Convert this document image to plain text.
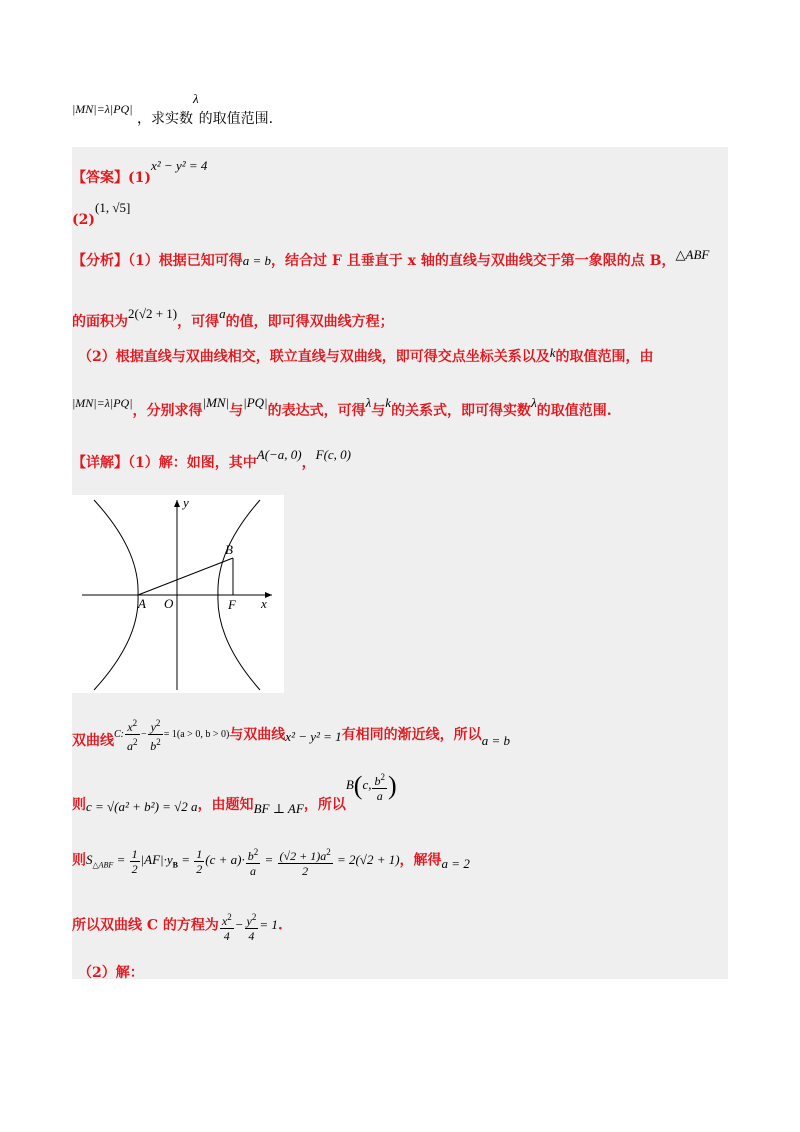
|MN|=λ|PQ| ，求实数λ的取值范围.
【答案】(1)x² − y² = 4
(2)(1, √5]
【分析】（1）根据已知可得a = b，结合过 F 且垂直于 x 轴的直线与双曲线交于第一象限的点 B，△ABF
的面积为2(√2 + 1)，可得a的值，即可得双曲线方程；
（2）根据直线与双曲线相交，联立直线与双曲线，即可得交点坐标关系以及k的取值范围，由
|MN|=λ|PQ|，分别求得|MN|与|PQ|的表达式，可得λ与k的关系式，即可得实数λ的取值范围.
【详解】（1）解：如图，其中A(−a, 0)，F(c, 0)
y
x
A O	F
B
双曲线C: $\frac{x^2}{a^2} - \frac{y^2}{b^2} = 1(a > 0$, b > 0)与双曲线x² − y² = 1有相同的渐近线，所以a = b
则c = √(a² + b²) = √2 a，由题知BF ⊥ AF，所以B(c, $\frac{b^2}{a}$ )
则$S_{\triangle ABF} = \frac{1}{2} |AF|\cdot y_B = \frac{1}{2} (c + a)\cdot \frac{b^2}{a} = \frac{(√2 + 1)a^2}{2} = 2(√2 + 1)$，解得a = 2
所以双曲线 C 的方程为 $\frac{x^2}{4} - \frac{y^2}{4} = 1$.
（2）解：
